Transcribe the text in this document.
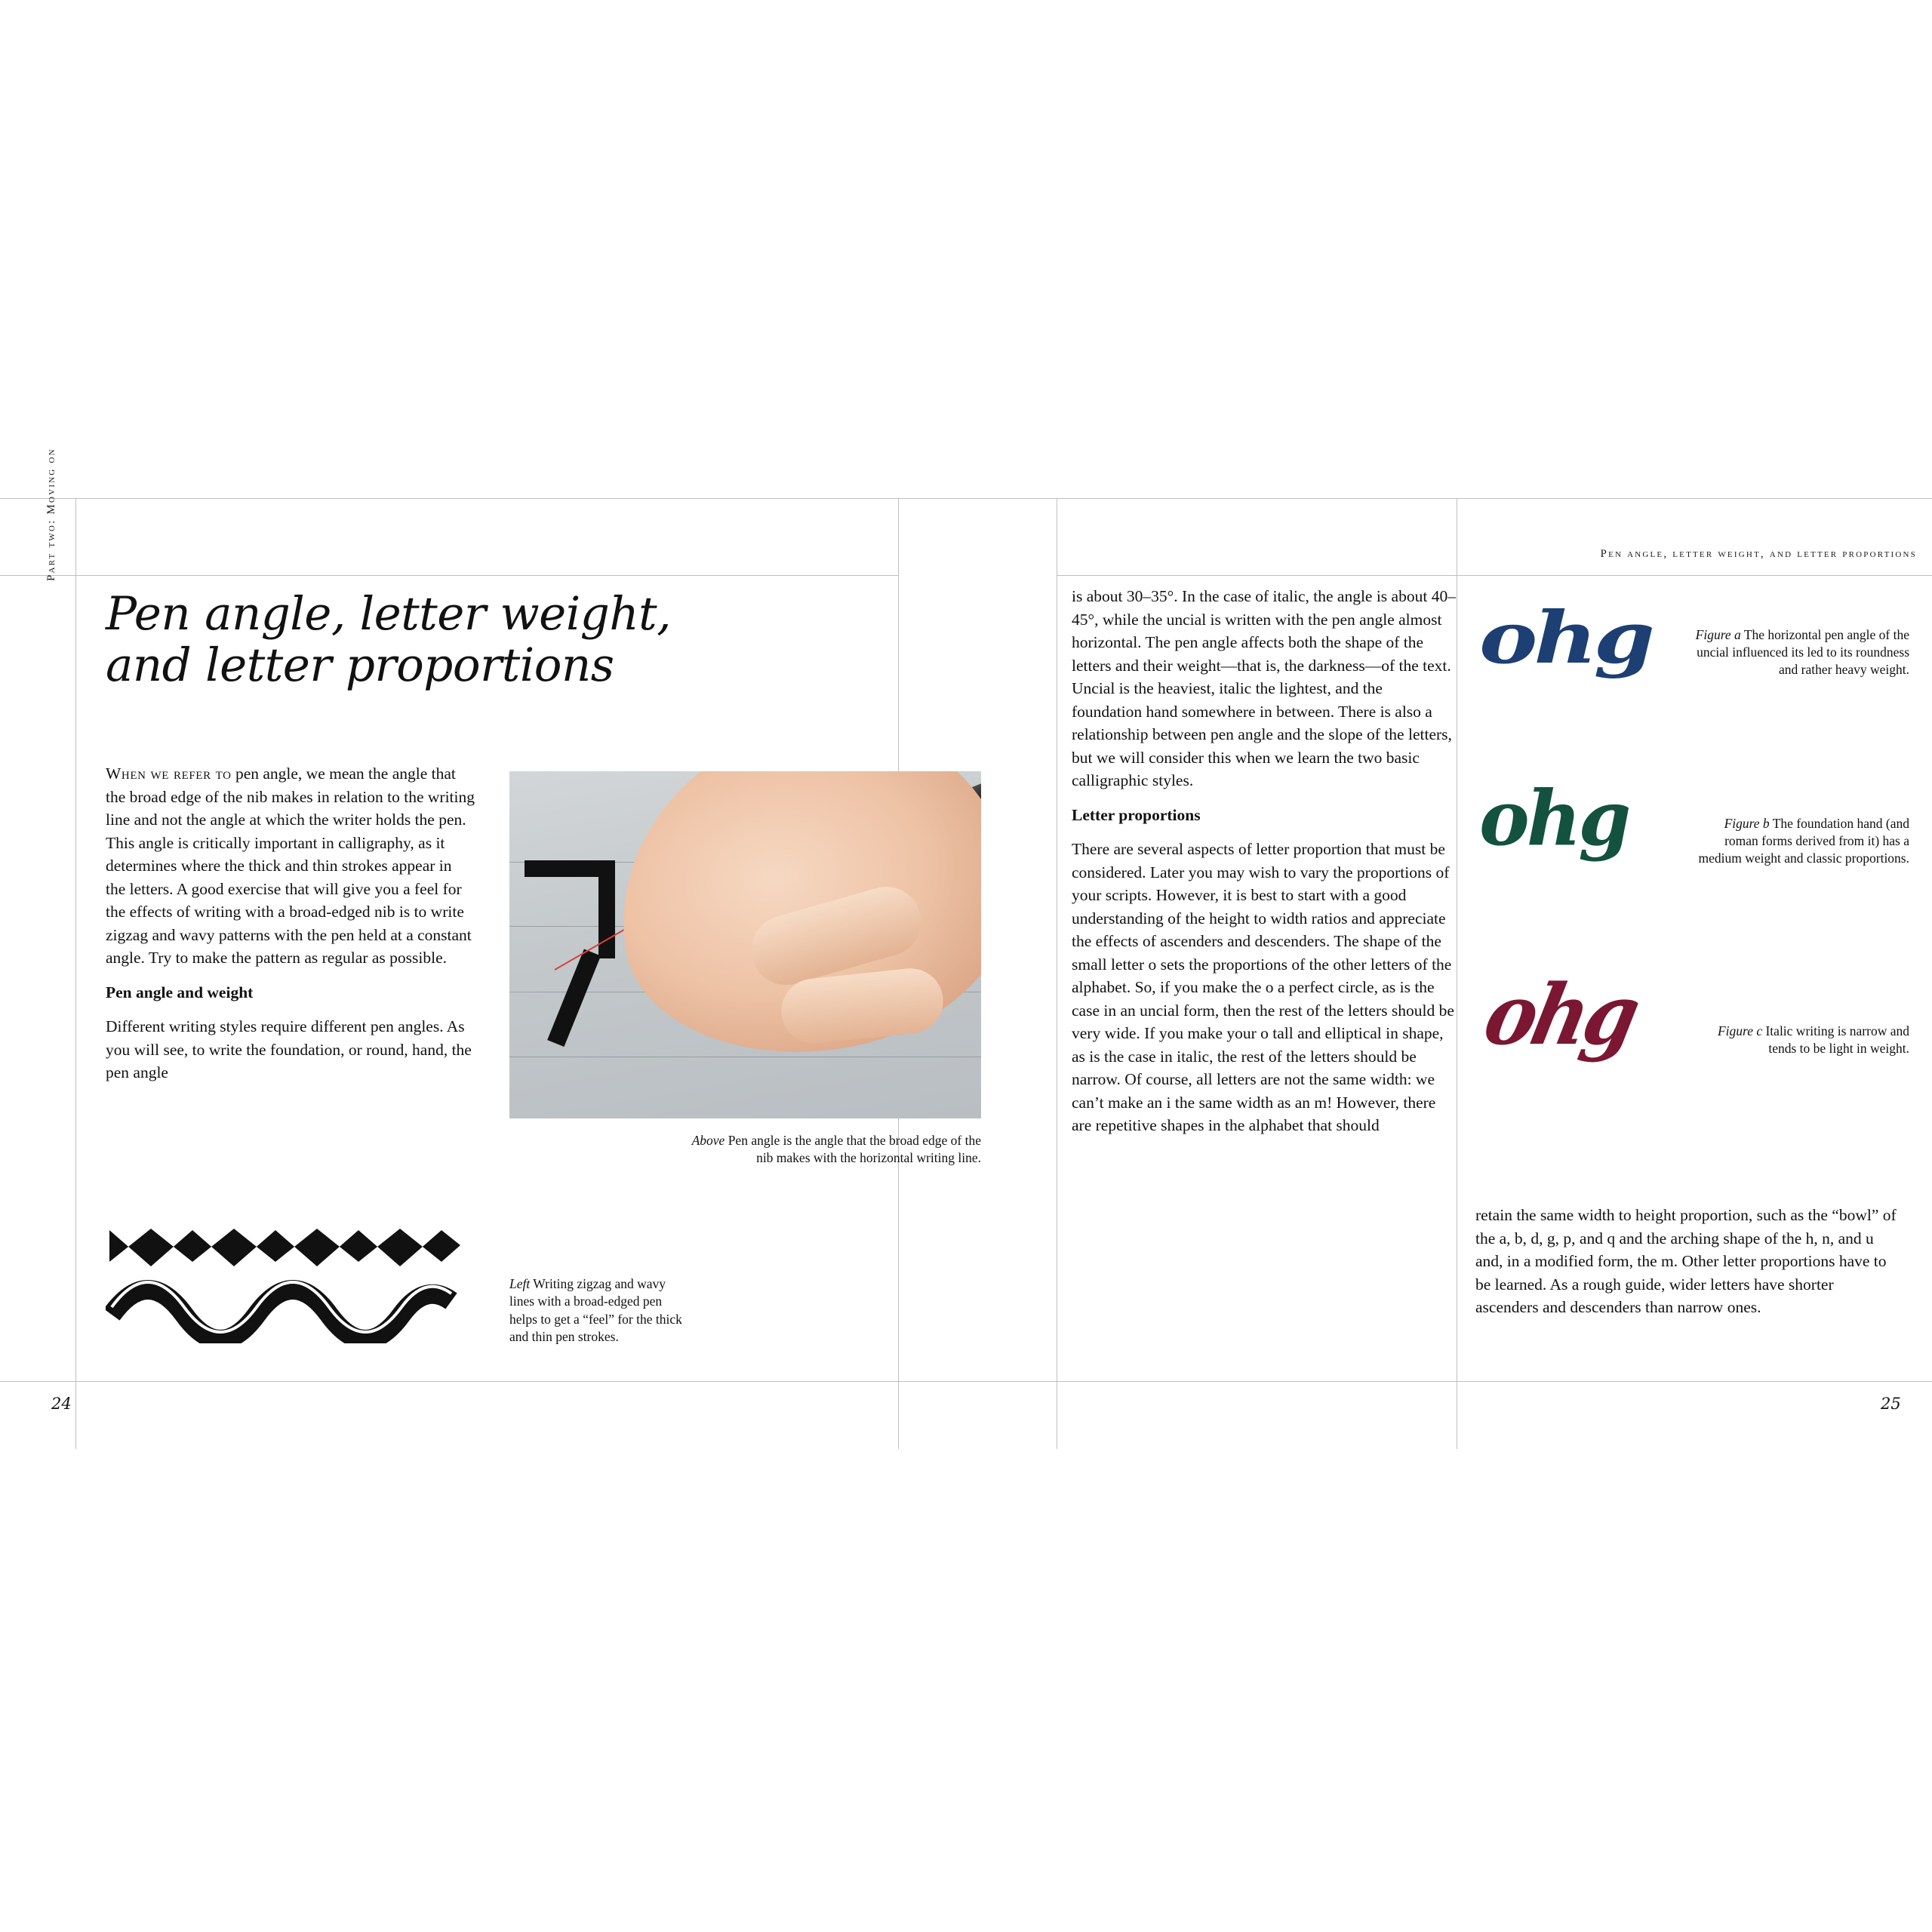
Part two: Moving on
Pen angle, letter weight, and letter proportions

When we refer to pen angle, we mean the angle that the broad edge of the nib makes in relation to the writing line and not the angle at which the writer holds the pen. This angle is critically important in calligraphy, as it determines where the thick and thin strokes appear in the letters. A good exercise that will give you a feel for the effects of writing with a broad-edged nib is to write zigzag and wavy patterns with the pen held at a constant angle. Try to make the pattern as regular as possible.

Pen angle and weight

Different writing styles require different pen angles. As you will see, to write the foundation, or round, hand, the pen angle

Above Pen angle is the angle that the broad edge of the nib makes with the horizontal writing line.
Left Writing zigzag and wavy lines with a broad-edged pen helps to get a “feel” for the thick and thin pen strokes.
24
Pen angle, letter weight, and letter proportions

is about 30–35°. In the case of italic, the angle is about 40–45°, while the uncial is written with the pen angle almost horizontal. The pen angle affects both the shape of the letters and their weight—that is, the darkness—of the text. Uncial is the heaviest, italic the lightest, and the foundation hand somewhere in between. There is also a relationship between pen angle and the slope of the letters, but we will consider this when we learn the two basic calligraphic styles.

Letter proportions

There are several aspects of letter proportion that must be considered. Later you may wish to vary the proportions of your scripts. However, it is best to start with a good understanding of the height to width ratios and appreciate the effects of ascenders and descenders. The shape of the small letter o sets the proportions of the other letters of the alphabet. So, if you make the o a perfect circle, as is the case in an uncial form, then the rest of the letters should be very wide. If you make your o tall and elliptical in shape, as is the case in italic, the rest of the letters should be narrow. Of course, all letters are not the same width: we can’t make an i the same width as an m! However, there are repetitive shapes in the alphabet that should

ohg
ohg
ohg
Figure a The horizontal pen angle of the uncial influenced its led to its roundness and rather heavy weight.
Figure b The foundation hand (and roman forms derived from it) has a medium weight and classic proportions.
Figure c Italic writing is narrow and tends to be light in weight.

retain the same width to height proportion, such as the “bowl” of the a, b, d, g, p, and q and the arching shape of the h, n, and u and, in a modified form, the m. Other letter proportions have to be learned. As a rough guide, wider letters have shorter ascenders and descenders than narrow ones.

25
